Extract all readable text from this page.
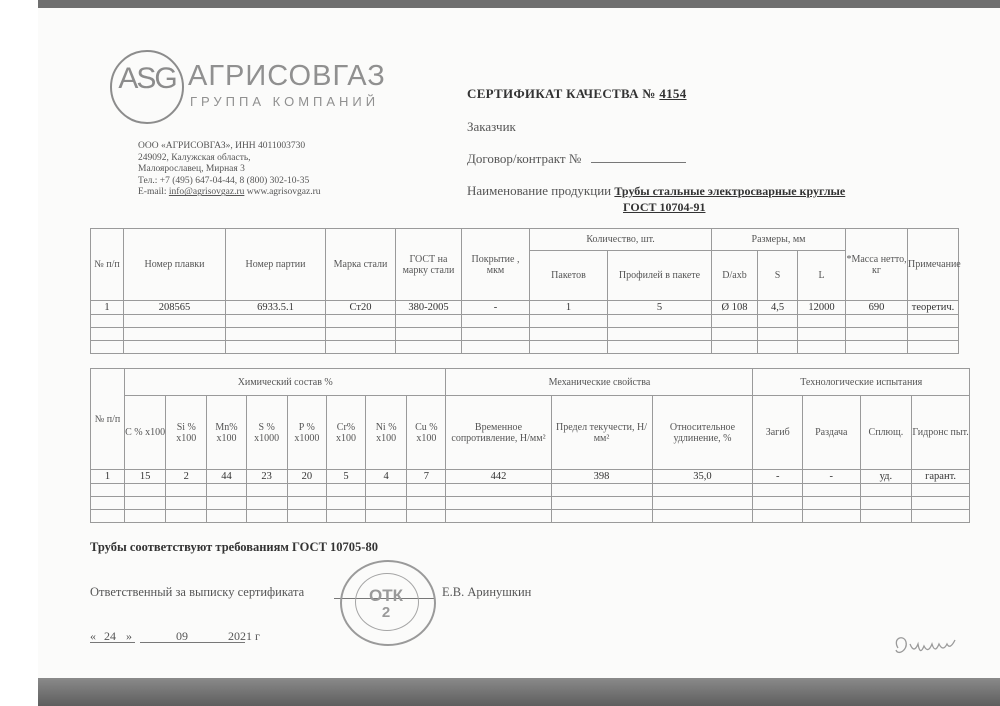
ASG АГРИСОВГАЗ
ГРУППА КОМПАНИЙ
ООО «АГРИСОВГАЗ», ИНН 4011003730
249092, Калужская область,
Малоярославец, Мирная 3
Тел.: +7 (495) 647-04-44, 8 (800) 302-10-35
E-mail: info@agrisovgaz.ru www.agrisovgaz.ru
СЕРТИФИКАТ КАЧЕСТВА № 4154
Заказчик
Договор/контракт №
Наименование продукции Трубы стальные электросварные круглые
ГОСТ 10704-91
№ п/п	Номер плавки	Номер партии	Марка стали	ГОСТ на марку стали	Покрытие , мкм	Количество, шт.		Размеры, мм			*Масса нетто, кг	Примечание
						Пакетов	Профилей в пакете	D/axb	S	L		
1	208565	6933.5.1	Ст20	380-2005	-	1	5	Ø 108	4,5	12000	690	теоретич.

№ п/п	Химический состав %								Механические свойства			Технологические испытания			
	C % x100	Si % x100	Mn% x100	S % x1000	P % x1000	Cr% x100	Ni % x100	Cu % x100	Временное сопротивление, Н/мм²	Предел текучести, Н/мм²	Относительное удлинение, %	Загиб	Раздача	Сплющ.	Гидронс пыт.
1	15	2	44	23	20	5	4	7	442	398	35,0	-	-	уд.	гарант.

Трубы соответствуют требованиям ГОСТ 10705-80
Ответственный за выписку сертификата	Е.В. Аринушкин
ОТК
2
« 24 »	09	2021 г
